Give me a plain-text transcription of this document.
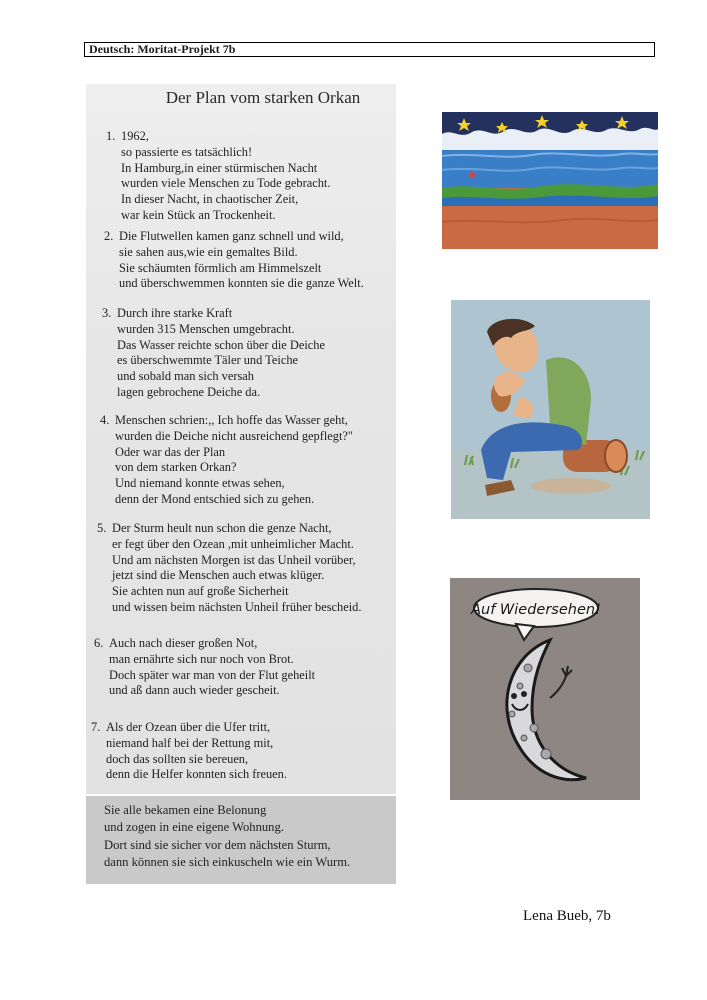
Deutsch: Moritat-Projekt 7b
Der Plan vom starken Orkan
1. 1962,
so passierte es tatsächlich!
In Hamburg,in einer stürmischen Nacht
wurden viele Menschen zu Tode gebracht.
In dieser Nacht, in chaotischer Zeit,
war kein Stück an Trockenheit.
2. Die Flutwellen kamen ganz schnell und wild,
sie sahen aus,wie ein gemaltes Bild.
Sie schäumten förmlich am Himmelszelt
und überschwemmen konnten sie die ganze Welt.
3. Durch ihre starke Kraft
wurden 315 Menschen umgebracht.
Das Wasser reichte schon über die Deiche
es überschwemmte Täler und Teiche
und sobald man sich versah
lagen gebrochene Deiche da.
4. Menschen schrien:,, Ich hoffe das Wasser geht,
wurden die Deiche nicht ausreichend gepflegt?"
Oder war das der Plan
von dem starken Orkan?
Und niemand konnte etwas sehen,
denn der Mond entschied sich zu gehen.
5. Der Sturm heult nun schon die genze Nacht,
er fegt über den Ozean ,mit unheimlicher Macht.
Und am nächsten Morgen ist das Unheil vorüber,
jetzt sind die Menschen auch etwas klüger.
Sie achten nun auf große Sicherheit
und wissen beim nächsten Unheil früher bescheid.
6. Auch nach dieser großen Not,
man ernährte sich nur noch von Brot.
Doch später war man von der Flut geheilt
und aß dann auch wieder gescheit.
7. Als der Ozean über die Ufer tritt,
niemand half bei der Rettung mit,
doch das sollten sie bereuen,
denn die Helfer konnten sich freuen.
Sie alle bekamen eine Belonung
und zogen in eine eigene Wohnung.
Dort sind sie sicher vor dem nächsten Sturm,
dann können sie sich einkuscheln wie ein Wurm.
Auf Wiedersehen!
Lena Bueb, 7b
